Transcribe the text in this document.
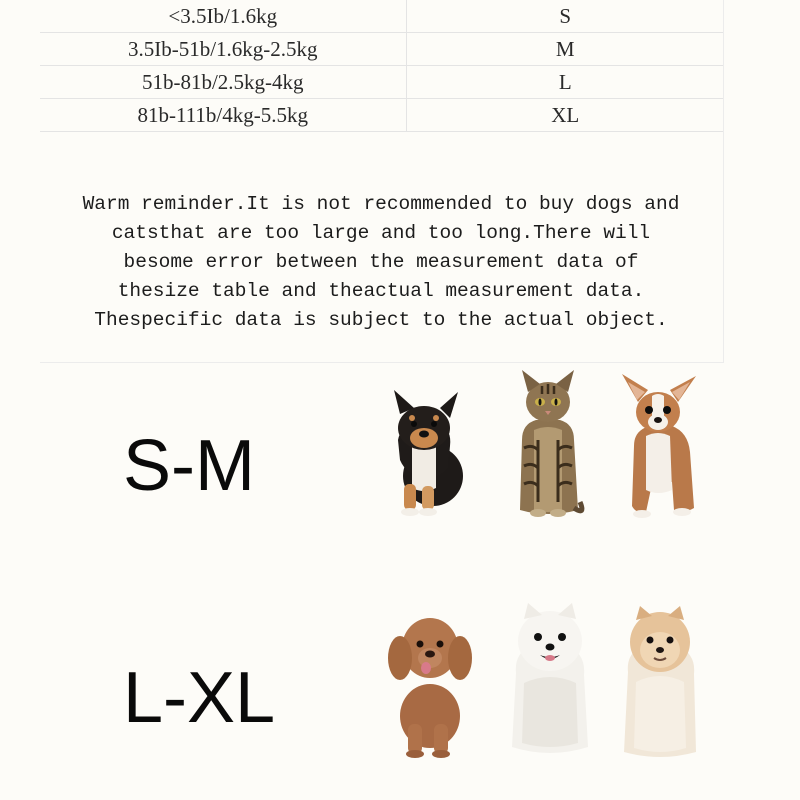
<3.5Ib/1.6kg	S
3.5Ib-51b/1.6kg-2.5kg	M
51b-81b/2.5kg-4kg	L
81b-111b/4kg-5.5kg	XL

Warm reminder.It is not recommended to buy dogs and
catsthat are too large and too long.There will
besome error between the measurement data of
thesize table and theactual measurement data.
Thespecific data is subject to the actual object.

S-M
L-XL
